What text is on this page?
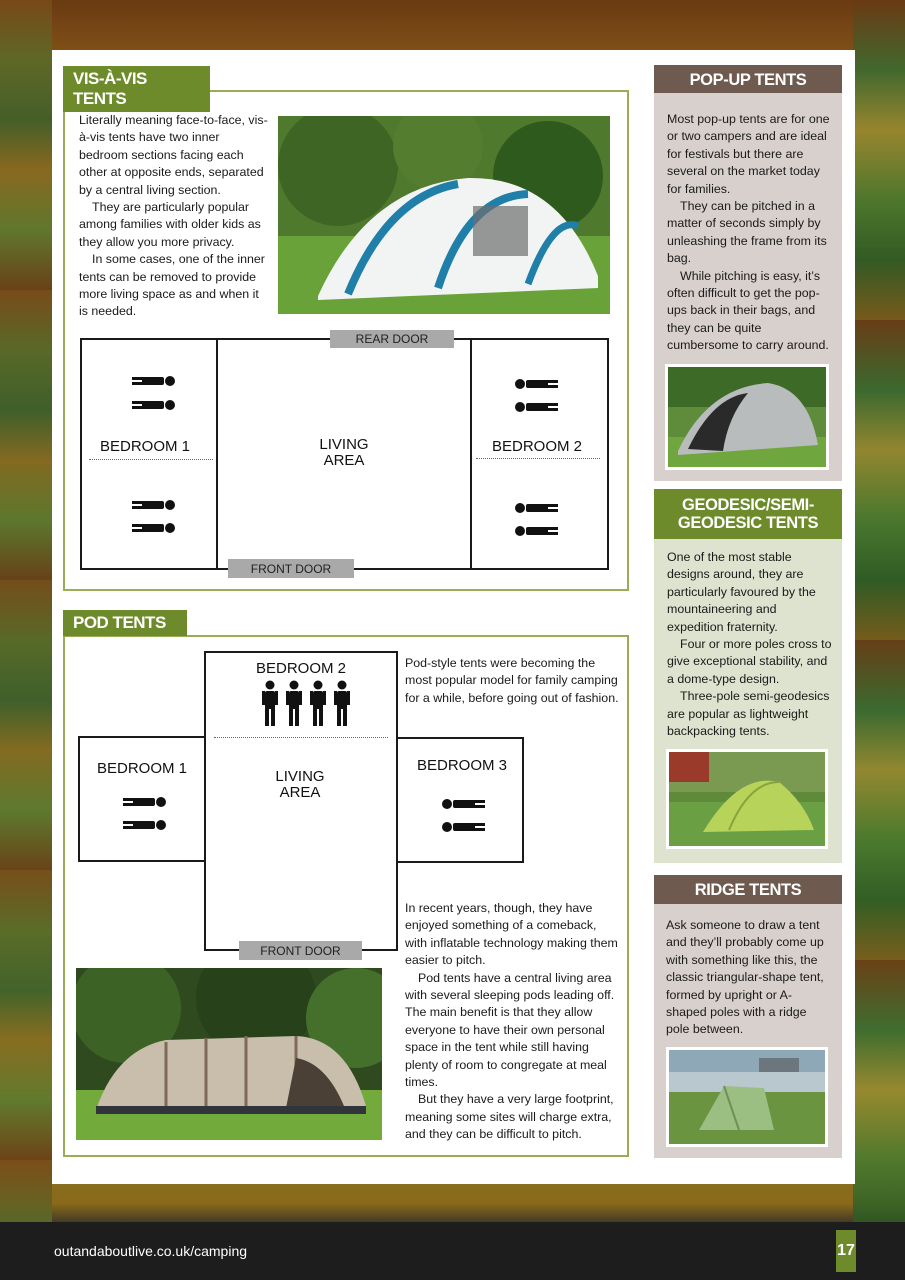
VIS-À-VIS TENTS

Literally meaning face-to-face, vis-à-vis tents have two inner bedroom sections facing each other at opposite ends, separated by a central living section.

They are particularly popular among families with older kids as they allow you more privacy.

In some cases, one of the inner tents can be removed to provide more living space as and when it is needed.

REAR DOOR
FRONT DOOR
BEDROOM 1	BEDROOM 2
LIVING
AREA
POD TENTS

Pod-style tents were becoming the most popular model for family camping for a while, before going out of fashion.

BEDROOM 2
BEDROOM 1	BEDROOM 3
LIVING
AREA
FRONT DOOR

In recent years, though, they have enjoyed something of a comeback, with inflatable technology making them easier to pitch.

Pod tents have a central living area with several sleeping pods leading off. The main benefit is that they allow everyone to have their own personal space in the tent while still having plenty of room to congregate at meal times.

But they have a very large footprint, meaning some sites will charge extra, and they can be difficult to pitch.

POP-UP TENTS

Most pop-up tents are for one or two campers and are ideal for festivals but there are several on the market today for families.

They can be pitched in a matter of seconds simply by unleashing the frame from its bag.

While pitching is easy, it’s often difficult to get the pop-ups back in their bags, and they can be quite cumbersome to carry around.

GEODESIC/SEMI-
GEODESIC TENTS

One of the most stable designs around, they are particularly favoured by the mountaineering and expedition fraternity.

Four or more poles cross to give exceptional stability, and a dome-type design.

Three-pole semi-geodesics are popular as lightweight backpacking tents.

RIDGE TENTS

Ask someone to draw a tent and they’ll probably come up with something like this, the classic triangular-shape tent, formed by upright or A-shaped poles with a ridge pole between.

outandaboutlive.co.uk/camping	17
